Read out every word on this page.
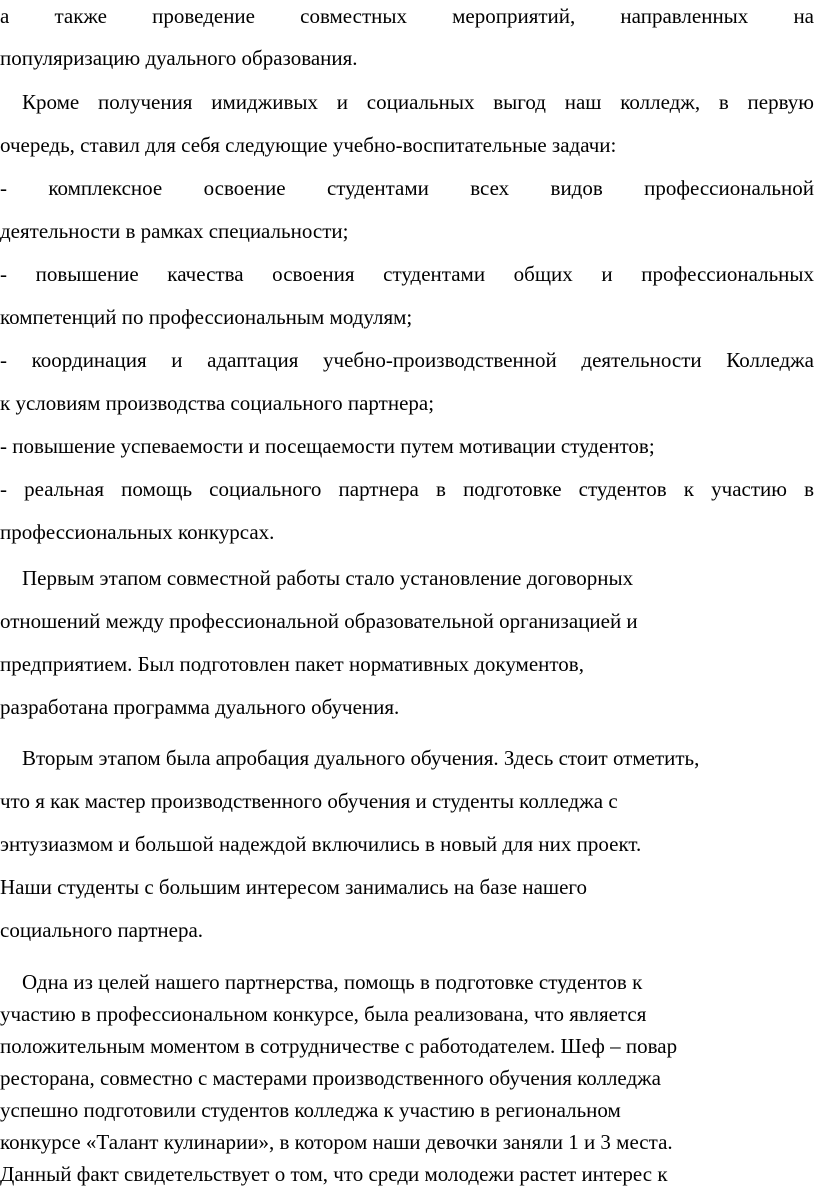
а также проведение совместных мероприятий, направленных на
популяризацию дуального образования.
Кроме получения имидживых и социальных выгод наш колледж, в первую
очередь, ставил для себя следующие учебно-воспитательные задачи:
- комплексное освоение студентами всех видов профессиональной
деятельности в рамках специальности;
- повышение качества освоения студентами общих и профессиональных
компетенций по профессиональным модулям;
- координация и адаптация учебно-производственной деятельности Колледжа
к условиям производства социального партнера;
- повышение успеваемости и посещаемости путем мотивации студентов;
- реальная помощь социального партнера в подготовке студентов к участию в
профессиональных конкурсах.
Первым этапом совместной работы стало установление договорных
отношений между профессиональной образовательной организацией и
предприятием. Был подготовлен пакет нормативных документов,
разработана программа дуального обучения.
Вторым этапом была апробация дуального обучения. Здесь стоит отметить,
что я как мастер производственного обучения и студенты колледжа с
энтузиазмом и большой надеждой включились в новый для них проект.
Наши студенты с большим интересом занимались на базе нашего
социального партнера.
Одна из целей нашего партнерства, помощь в подготовке студентов к
участию в профессиональном конкурсе, была реализована, что является
положительным моментом в сотрудничестве с работодателем. Шеф – повар
ресторана, совместно с мастерами производственного обучения колледжа
успешно подготовили студентов колледжа к участию в региональном
конкурсе «Талант кулинарии», в котором наши девочки заняли 1 и 3 места.
Данный факт свидетельствует о том, что среди молодежи растет интерес к
